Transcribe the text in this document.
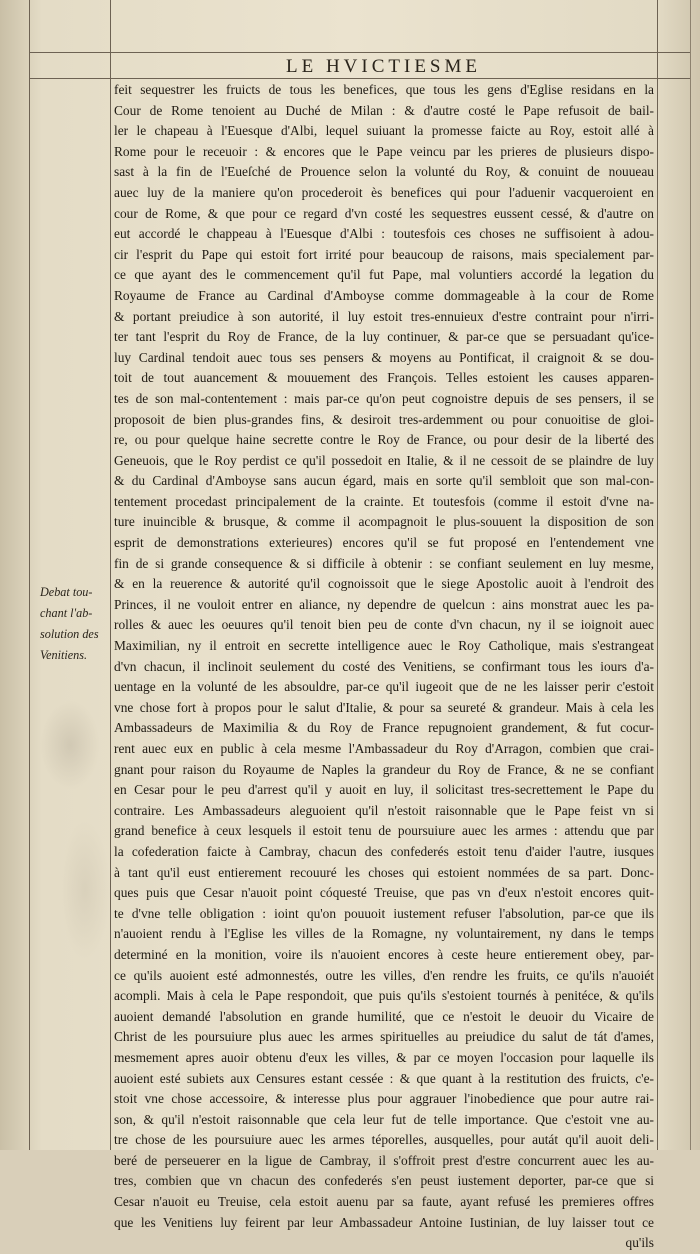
LE HVICTIESME
Debat tou-
chant l'ab-
solution des
Venitiens.
feit sequestrer les fruicts de tous les benefices, que tous les gens d'Eglise residans en la
Cour de Rome tenoient au Duché de Milan : & d'autre costé le Pape refusoit de bail-
ler le chapeau à l'Euesque d'Albi, lequel suiuant la promesse faicte au Roy, estoit allé à
Rome pour le receuoir : & encores que le Pape veincu par les prieres de plusieurs dispo-
sast à la fin de l'Eueſché de Prouence selon la volunté du Roy, & conuint de nouueau
auec luy de la maniere qu'on procederoit ès benefices qui pour l'aduenir vacqueroient en
cour de Rome, & que pour ce regard d'vn costé les sequestres eussent cessé, & d'autre on
eut accordé le chappeau à l'Euesque d'Albi : toutesfois ces choses ne suffisoient à adou-
cir l'esprit du Pape qui estoit fort irrité pour beaucoup de raisons, mais specialement par-
ce que ayant des le commencement qu'il fut Pape, mal voluntiers accordé la legation du
Royaume de France au Cardinal d'Amboyse comme dommageable à la cour de Rome
& portant preiudice à son autorité, il luy estoit tres-ennuieux d'estre contraint pour n'irri-
ter tant l'esprit du Roy de France, de la luy continuer, & par-ce que se persuadant qu'ice-
luy Cardinal tendoit auec tous ses pensers & moyens au Pontificat, il craignoit & se dou-
toit de tout auancement & mouuement des François. Telles estoient les causes apparen-
tes de son mal-contentement : mais par-ce qu'on peut cognoistre depuis de ses pensers, il se
proposoit de bien plus-grandes fins, & desiroit tres-ardemment ou pour conuoitise de gloi-
re, ou pour quelque haine secrette contre le Roy de France, ou pour desir de la liberté des
Geneuois, que le Roy perdist ce qu'il possedoit en Italie, & il ne cessoit de se plaindre de luy
& du Cardinal d'Amboyse sans aucun égard, mais en sorte qu'il sembloit que son mal-con-
tentement procedast principalement de la crainte. Et toutesfois (comme il estoit d'vne na-
ture inuincible & brusque, & comme il acompagnoit le plus-souuent la disposition de son
esprit de demonstrations exterieures) encores qu'il se fut proposé en l'entendement vne
fin de si grande consequence & si difficile à obtenir : se confiant seulement en luy mesme,
& en la reuerence & autorité qu'il cognoissoit que le siege Apostolic auoit à l'endroit des
Princes, il ne vouloit entrer en aliance, ny dependre de quelcun : ains monstrat auec les pa-
rolles & auec les oeuures qu'il tenoit bien peu de conte d'vn chacun, ny il se ioignoit auec
Maximilian, ny il entroit en secrette intelligence auec le Roy Catholique, mais s'estrangeat
d'vn chacun, il inclinoit seulement du costé des Venitiens, se confirmant tous les iours d'a-
uentage en la volunté de les absouldre, par-ce qu'il iugeoit que de ne les laisser perir c'estoit
vne chose fort à propos pour le salut d'Italie, & pour sa seureté & grandeur. Mais à cela les
Ambassadeurs de Maximilia & du Roy de France repugnoient grandement, & fut cocur-
rent auec eux en public à cela mesme l'Ambassadeur du Roy d'Arragon, combien que crai-
gnant pour raison du Royaume de Naples la grandeur du Roy de France, & ne se confiant
en Cesar pour le peu d'arrest qu'il y auoit en luy, il solicitast tres-secrettement le Pape du
contraire. Les Ambassadeurs aleguoient qu'il n'estoit raisonnable que le Pape feist vn si
grand benefice à ceux lesquels il estoit tenu de poursuiure auec les armes : attendu que par
la cofederation faicte à Cambray, chacun des confederés estoit tenu d'aider l'autre, iusques
à tant qu'il eust entierement recouuré les choses qui estoient nommées de sa part. Donc-
ques puis que Cesar n'auoit point cóquesté Treuise, que pas vn d'eux n'estoit encores quit-
te d'vne telle obligation : ioint qu'on pouuoit iustement refuser l'absolution, par-ce que ils
n'auoient rendu à l'Eglise les villes de la Romagne, ny voluntairement, ny dans le temps
determiné en la monition, voire ils n'auoient encores à ceste heure entierement obey, par-
ce qu'ils auoient esté admonnestés, outre les villes, d'en rendre les fruits, ce qu'ils n'auoiét
acompli. Mais à cela le Pape respondoit, que puis qu'ils s'estoient tournés à penitéce, & qu'ils
auoient demandé l'absolution en grande humilité, que ce n'estoit le deuoir du Vicaire de
Christ de les poursuiure plus auec les armes spirituelles au preiudice du salut de tát d'ames,
mesmement apres auoir obtenu d'eux les villes, & par ce moyen l'occasion pour laquelle ils
auoient esté subiets aux Censures estant cessée : & que quant à la restitution des fruicts, c'e-
stoit vne chose accessoire, & interesse plus pour aggrauer l'inobedience que pour autre rai-
son, & qu'il n'estoit raisonnable que cela leur fut de telle importance. Que c'estoit vne au-
tre chose de les poursuiure auec les armes téporelles, ausquelles, pour autát qu'il auoit deli-
beré de perseuerer en la ligue de Cambray, il s'offroit prest d'estre concurrent auec les au-
tres, combien que vn chacun des confederés s'en peust iustement deporter, par-ce que si
Cesar n'auoit eu Treuise, cela estoit auenu par sa faute, ayant refusé les premieres offres
que les Venitiens luy feirent par leur Ambassadeur Antoine Iustinian, de luy laisser tout ce
qu'ils
